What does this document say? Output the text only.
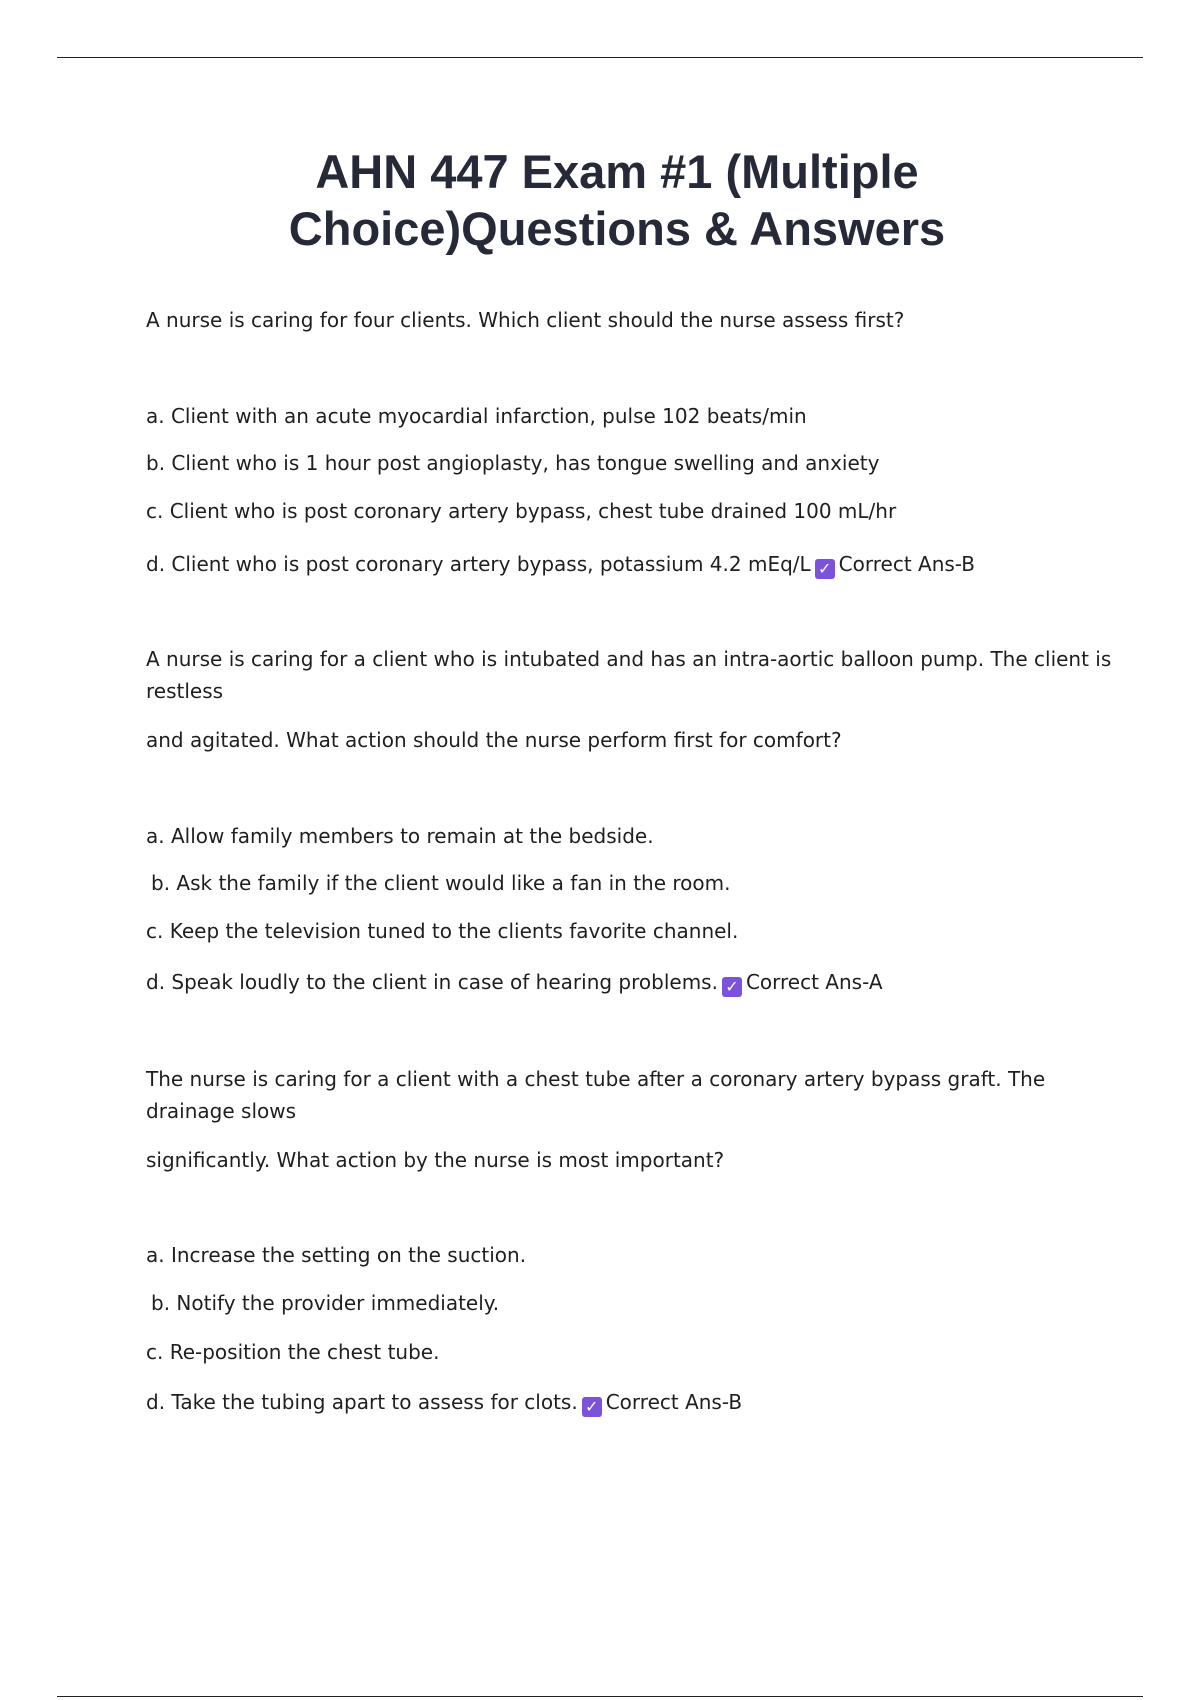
AHN 447 Exam #1 (Multiple
Choice)Questions & Answers
A nurse is caring for four clients. Which client should the nurse assess first?
a. Client with an acute myocardial infarction, pulse 102 beats/min
b. Client who is 1 hour post angioplasty, has tongue swelling and anxiety
c. Client who is post coronary artery bypass, chest tube drained 100 mL/hr
d. Client who is post coronary artery bypass, potassium 4.2 mEq/L ✓ Correct Ans-B
A nurse is caring for a client who is intubated and has an intra-aortic balloon pump. The client is
restless
and agitated. What action should the nurse perform first for comfort?
a. Allow family members to remain at the bedside.
b. Ask the family if the client would like a fan in the room.
c. Keep the television tuned to the clients favorite channel.
d. Speak loudly to the client in case of hearing problems. ✓ Correct Ans-A
The nurse is caring for a client with a chest tube after a coronary artery bypass graft. The
drainage slows
significantly. What action by the nurse is most important?
a. Increase the setting on the suction.
b. Notify the provider immediately.
c. Re-position the chest tube.
d. Take the tubing apart to assess for clots. ✓ Correct Ans-B
